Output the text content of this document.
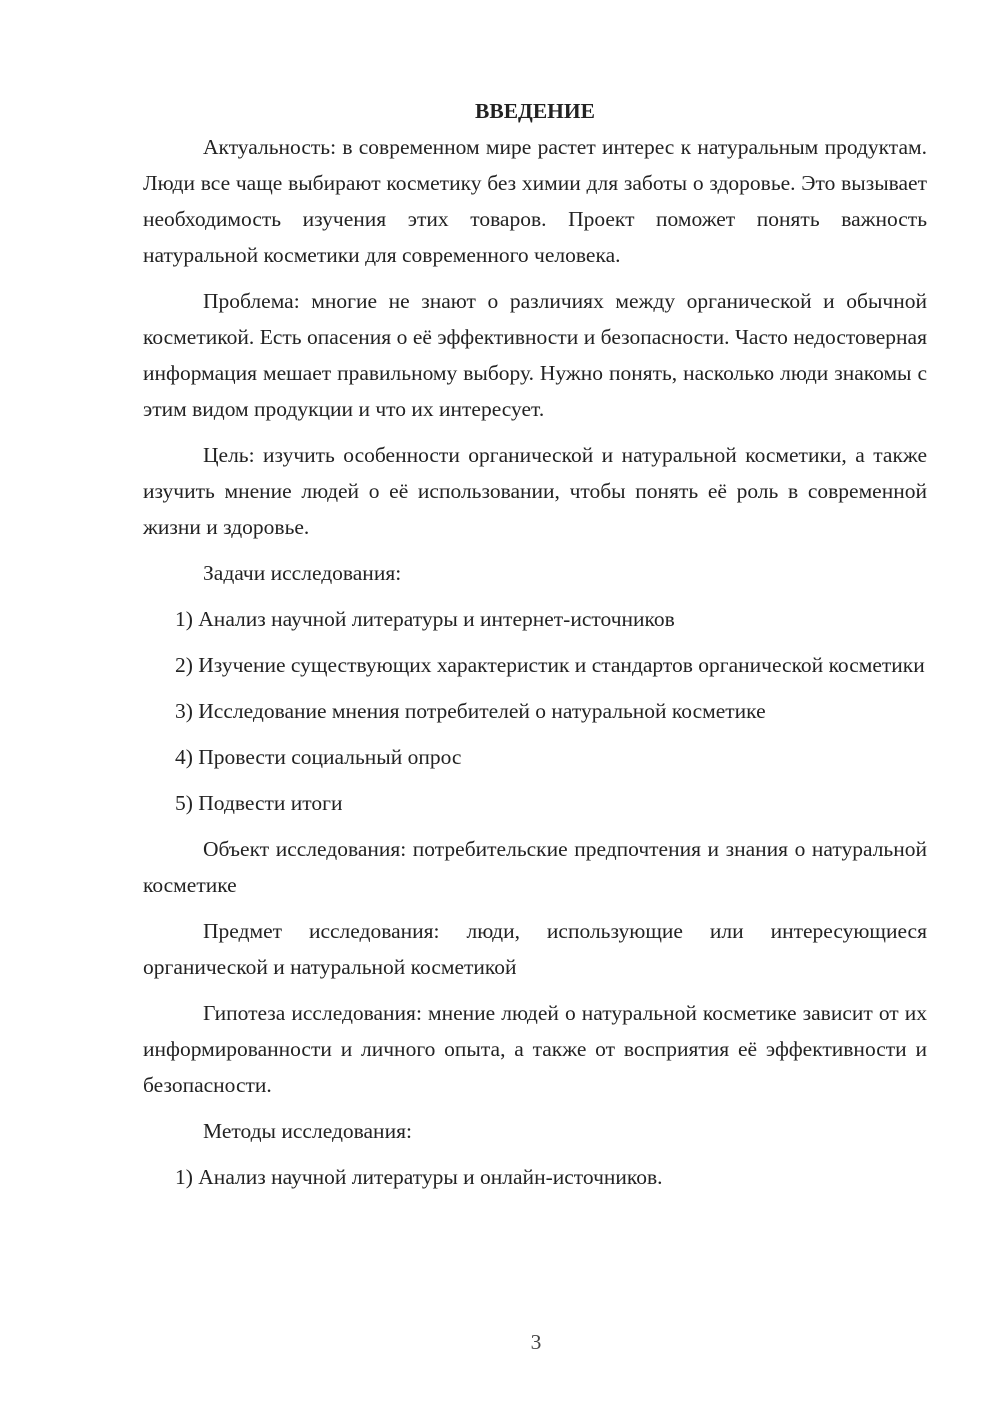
ВВЕДЕНИЕ

Актуальность: в современном мире растет интерес к натуральным продуктам. Люди все чаще выбирают косметику без химии для заботы о здоровье. Это вызывает необходимость изучения этих товаров. Проект поможет понять важность натуральной косметики для современного человека.

Проблема: многие не знают о различиях между органической и обычной косметикой. Есть опасения о её эффективности и безопасности. Часто недостоверная информация мешает правильному выбору. Нужно понять, насколько люди знакомы с этим видом продукции и что их интересует.

Цель: изучить особенности органической и натуральной косметики, а также изучить мнение людей о её использовании, чтобы понять её роль в современной жизни и здоровье.

Задачи исследования:

1) Анализ научной литературы и интернет-источников

2) Изучение существующих характеристик и стандартов органической косметики

3) Исследование мнения потребителей о натуральной косметике

4) Провести социальный опрос

5) Подвести итоги

Объект исследования: потребительские предпочтения и знания о натуральной косметике

Предмет исследования: люди, использующие или интересующиеся органической и натуральной косметикой

Гипотеза исследования: мнение людей о натуральной косметике зависит от их информированности и личного опыта, а также от восприятия её эффективности и безопасности.

Методы исследования:

1) Анализ научной литературы и онлайн-источников.

3
